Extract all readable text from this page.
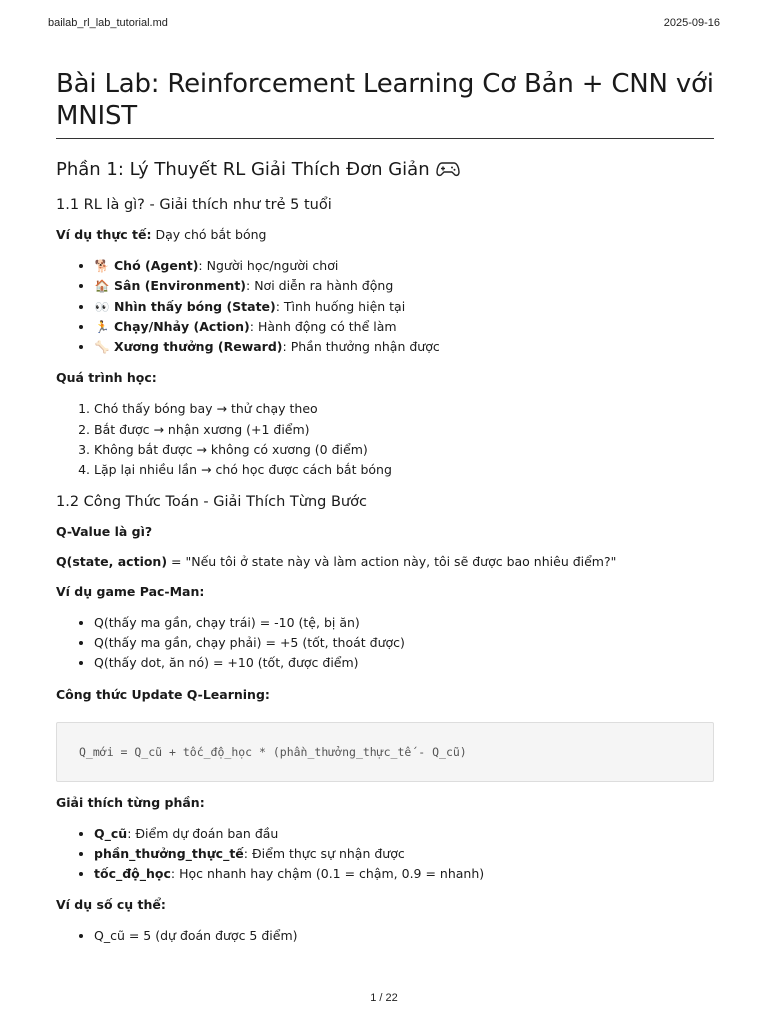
bailab_rl_lab_tutorial.md	2025-09-16
Bài Lab: Reinforcement Learning Cơ Bản + CNN với MNIST
Phần 1: Lý Thuyết RL Giải Thích Đơn Giản
1.1 RL là gì? - Giải thích như trẻ 5 tuổi

Ví dụ thực tế: Dạy chó bắt bóng

• 🐕 Chó (Agent): Người học/người chơi
• 🏠 Sân (Environment): Nơi diễn ra hành động
• 👀 Nhìn thấy bóng (State): Tình huống hiện tại
• 🏃 Chạy/Nhảy (Action): Hành động có thể làm
• 🦴 Xương thưởng (Reward): Phần thưởng nhận được

Quá trình học:

1. Chó thấy bóng bay → thử chạy theo
2. Bắt được → nhận xương (+1 điểm)
3. Không bắt được → không có xương (0 điểm)
4. Lặp lại nhiều lần → chó học được cách bắt bóng
1.2 Công Thức Toán - Giải Thích Từng Bước

Q-Value là gì?

Q(state, action) = "Nếu tôi ở state này và làm action này, tôi sẽ được bao nhiêu điểm?"

Ví dụ game Pac-Man:

• Q(thấy ma gần, chạy trái) = -10 (tệ, bị ăn)
• Q(thấy ma gần, chạy phải) = +5 (tốt, thoát được)
• Q(thấy dot, ăn nó) = +10 (tốt, được điểm)

Công thức Update Q-Learning:

Q_mới = Q_cũ + tốc_độ_học * (phần_thưởng_thực_tế - Q_cũ)

Giải thích từng phần:

• Q_cũ: Điểm dự đoán ban đầu
• phần_thưởng_thực_tế: Điểm thực sự nhận được
• tốc_độ_học: Học nhanh hay chậm (0.1 = chậm, 0.9 = nhanh)

Ví dụ số cụ thể:

• Q_cũ = 5 (dự đoán được 5 điểm)
1 / 22
